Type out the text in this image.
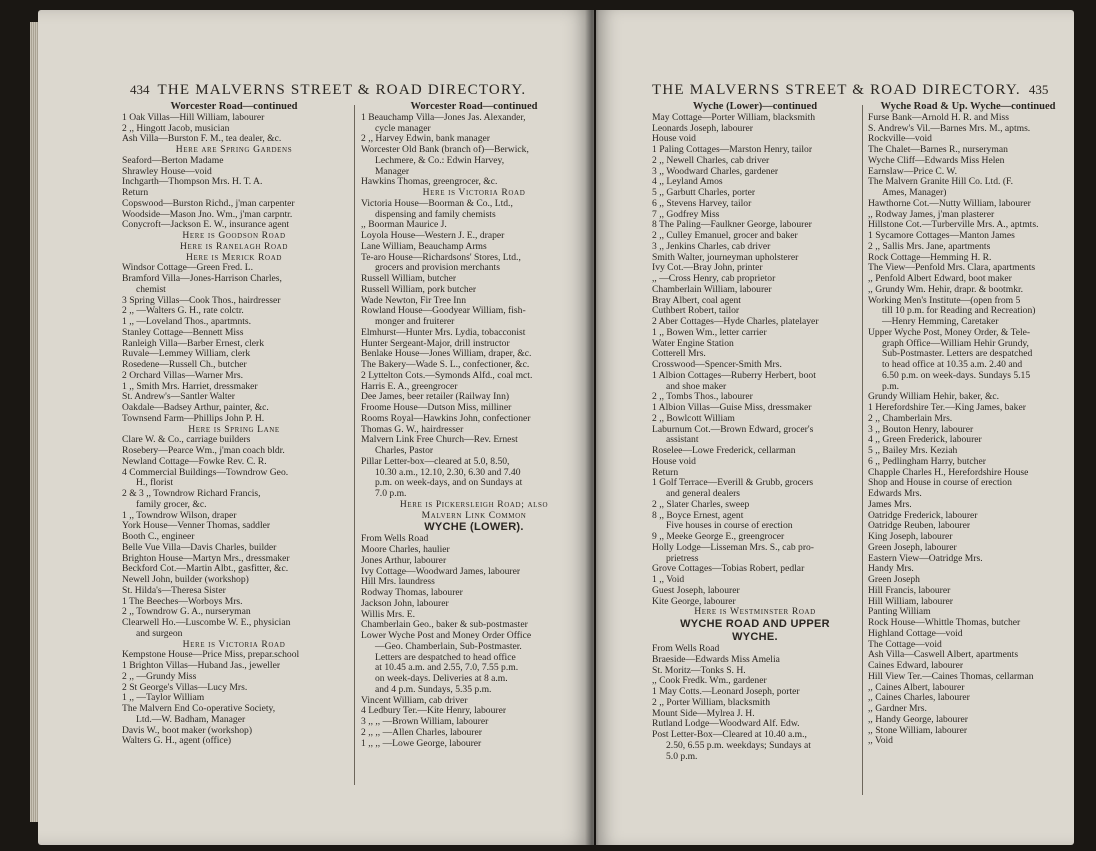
434 THE MALVERNS STREET & ROAD DIRECTORY.
Worcester Road—continued
1 Oak Villas—Hill William, labourer
2 ,, Hingott Jacob, musician
Ash Villa—Burston F. M., tea dealer, &c.
Here are Spring Gardens
Seaford—Berton Madame
Shrawley House—void
Inchgarth—Thompson Mrs. H. T. A.
Return
Copswood—Burston Richd., j'man carpenter
Woodside—Mason Jno. Wm., j'man carpntr.
Conycroft—Jackson E. W., insurance agent
Here is Goodson Road
Here is Ranelagh Road
Here is Merick Road
Windsor Cottage—Green Fred. L.
Bramford Villa—Jones-Harrison Charles,
chemist
3 Spring Villas—Cook Thos., hairdresser
2 ,, —Walters G. H., rate colctr.
1 ,, —Loveland Thos., apartmnts.
Stanley Cottage—Bennett Miss
Ranleigh Villa—Barber Ernest, clerk
Ruvale—Lemmey William, clerk
Rosedene—Russell Ch., butcher
2 Orchard Villas—Warner Mrs.
1 ,, Smith Mrs. Harriet, dressmaker
St. Andrew's—Santler Walter
Oakdale—Badsey Arthur, painter, &c.
Townsend Farm—Phillips John P. H.
Here is Spring Lane
Clare W. & Co., carriage builders
Rosebery—Pearce Wm., j'man coach bldr.
Newland Cottage—Fowke Rev. C. R.
4 Commercial Buildings—Towndrow Geo.
H., florist
2 & 3 ,, Towndrow Richard Francis,
family grocer, &c.
1 ,, Towndrow Wilson, draper
York House—Venner Thomas, saddler
Booth C., engineer
Belle Vue Villa—Davis Charles, builder
Brighton House—Martyn Mrs., dressmaker
Beckford Cot.—Martin Albt., gasfitter, &c.
Newell John, builder (workshop)
St. Hilda's—Theresa Sister
1 The Beeches—Worboys Mrs.
2 ,, Towndrow G. A., nurseryman
Clearwell Ho.—Luscombe W. E., physician
and surgeon
Here is Victoria Road
Kempstone House—Price Miss, prepar.school
1 Brighton Villas—Huband Jas., jeweller
2 ,, —Grundy Miss
2 St George's Villas—Lucy Mrs.
1 ,, —Taylor William
The Malvern End Co-operative Society,
Ltd.—W. Badham, Manager
Davis W., boot maker (workshop)
Walters G. H., agent (office)
Worcester Road—continued
1 Beauchamp Villa—Jones Jas. Alexander,
cycle manager
2 ,, Harvey Edwin, bank manager
Worcester Old Bank (branch of)—Berwick,
Lechmere, & Co.: Edwin Harvey,
Manager
Hawkins Thomas, greengrocer, &c.
Here is Victoria Road
Victoria House—Boorman & Co., Ltd.,
dispensing and family chemists
,, Boorman Maurice J.
Loyola House—Western J. E., draper
Lane William, Beauchamp Arms
Te-aro House—Richardsons' Stores, Ltd.,
grocers and provision merchants
Russell William, butcher
Russell William, pork butcher
Wade Newton, Fir Tree Inn
Rowland House—Goodyear William, fish-
monger and fruiterer
Elmhurst—Hunter Mrs. Lydia, tobacconist
Hunter Sergeant-Major, drill instructor
Benlake House—Jones William, draper, &c.
The Bakery—Wade S. L., confectioner, &c.
2 Lyttelton Cots.—Symonds Alfd., coal mct.
Harris E. A., greengrocer
Dee James, beer retailer (Railway Inn)
Froome House—Dutson Miss, milliner
Rooms Royal—Hawkins John, confectioner
Thomas G. W., hairdresser
Malvern Link Free Church—Rev. Ernest
Charles, Pastor
Pillar Letter-box—cleared at 5.0, 8.50,
10.30 a.m., 12.10, 2.30, 6.30 and 7.40
p.m. on week-days, and on Sundays at
7.0 p.m.
Here is Pickersleigh Road; also
Malvern Link Common
WYCHE (LOWER).
From Wells Road
Moore Charles, haulier
Jones Arthur, labourer
Ivy Cottage—Woodward James, labourer
Hill Mrs. laundress
Rodway Thomas, labourer
Jackson John, labourer
Willis Mrs. E.
Chamberlain Geo., baker & sub-postmaster
Lower Wyche Post and Money Order Office
—Geo. Chamberlain, Sub-Postmaster.
Letters are despatched to head office
at 10.45 a.m. and 2.55, 7.0, 7.55 p.m.
on week-days. Deliveries at 8 a.m.
and 4 p.m. Sundays, 5.35 p.m.
Vincent William, cab driver
4 Ledbury Ter.—Kite Henry, labourer
3 ,, ,, —Brown William, labourer
2 ,, ,, —Allen Charles, labourer
1 ,, ,, —Lowe George, labourer
THE MALVERNS STREET & ROAD DIRECTORY. 435
Wyche (Lower)—continued
May Cottage—Porter William, blacksmith
Leonards Joseph, labourer
House void
1 Paling Cottages—Marston Henry, tailor
2 ,, Newell Charles, cab driver
3 ,, Woodward Charles, gardener
4 ,, Leyland Amos
5 ,, Garbutt Charles, porter
6 ,, Stevens Harvey, tailor
7 ,, Godfrey Miss
8 The Paling—Faulkner George, labourer
2 ,, Culley Emanuel, grocer and baker
3 ,, Jenkins Charles, cab driver
Smith Walter, journeyman upholsterer
Ivy Cot.—Bray John, printer
,, —Cross Henry, cab proprietor
Chamberlain William, labourer
Bray Albert, coal agent
Cuthbert Robert, tailor
2 Aber Cottages—Hyde Charles, platelayer
1 ,, Bowen Wm., letter carrier
Water Engine Station
Cotterell Mrs.
Crosswood—Spencer-Smith Mrs.
1 Albion Cottages—Ruberry Herbert, boot
and shoe maker
2 ,, Tombs Thos., labourer
1 Albion Villas—Guise Miss, dressmaker
2 ,, Bowlcott William
Laburnum Cot.—Brown Edward, grocer's
assistant
Roselee—Lowe Frederick, cellarman
House void
Return
1 Golf Terrace—Everill & Grubb, grocers
and general dealers
2 ,, Slater Charles, sweep
8 ,, Boyce Ernest, agent
Five houses in course of erection
9 ,, Meeke George E., greengrocer
Holly Lodge—Lisseman Mrs. S., cab pro-
prietress
Grove Cottages—Tobias Robert, pedlar
1 ,, Void
Guest Joseph, labourer
Kite George, labourer
Here is Westminster Road
WYCHE ROAD AND UPPER
WYCHE.
From Wells Road
Braeside—Edwards Miss Amelia
St. Moritz—Tonks S. H.
,, Cook Fredk. Wm., gardener
1 May Cotts.—Leonard Joseph, porter
2 ,, Porter William, blacksmith
Mount Side—Mylrea J. H.
Rutland Lodge—Woodward Alf. Edw.
Post Letter-Box—Cleared at 10.40 a.m.,
2.50, 6.55 p.m. weekdays; Sundays at
5.0 p.m.
Wyche Road & Up. Wyche—continued
Furse Bank—Arnold H. R. and Miss
S. Andrew's Vil.—Barnes Mrs. M., aptms.
Rockville—void
The Chalet—Barnes R., nurseryman
Wyche Cliff—Edwards Miss Helen
Earnslaw—Price C. W.
The Malvern Granite Hill Co. Ltd. (F.
Ames, Manager)
Hawthorne Cot.—Nutty William, labourer
,, Rodway James, j'man plasterer
Hillstone Cot.—Turberville Mrs. A., aptmts.
1 Sycamore Cottages—Manton James
2 ,, Sallis Mrs. Jane, apartments
Rock Cottage—Hemming H. R.
The View—Penfold Mrs. Clara, apartments
,, Penfold Albert Edward, boot maker
,, Grundy Wm. Hehir, drapr. & bootmkr.
Working Men's Institute—(open from 5
till 10 p.m. for Reading and Recreation)
—Henry Hemming, Caretaker
Upper Wyche Post, Money Order, & Tele-
graph Office—William Hehir Grundy,
Sub-Postmaster. Letters are despatched
to head office at 10.35 a.m. 2.40 and
6.50 p.m. on week-days. Sundays 5.15
p.m.
Grundy William Hehir, baker, &c.
1 Herefordshire Ter.—King James, baker
2 ,, Chamberlain Mrs.
3 ,, Bouton Henry, labourer
4 ,, Green Frederick, labourer
5 ,, Bailey Mrs. Keziah
6 ,, Pedlingham Harry, butcher
Chapple Charles H., Herefordshire House
Shop and House in course of erection
Edwards Mrs.
James Mrs.
Oatridge Frederick, labourer
Oatridge Reuben, labourer
King Joseph, labourer
Green Joseph, labourer
Eastern View—Oatridge Mrs.
Handy Mrs.
Green Joseph
Hill Francis, labourer
Hill William, labourer
Panting William
Rock House—Whittle Thomas, butcher
Highland Cottage—void
The Cottage—void
Ash Villa—Caswell Albert, apartments
Caines Edward, labourer
Hill View Ter.—Caines Thomas, cellarman
,, Caines Albert, labourer
,, Caines Charles, labourer
,, Gardner Mrs.
,, Handy George, labourer
,, Stone William, labourer
,, Void
